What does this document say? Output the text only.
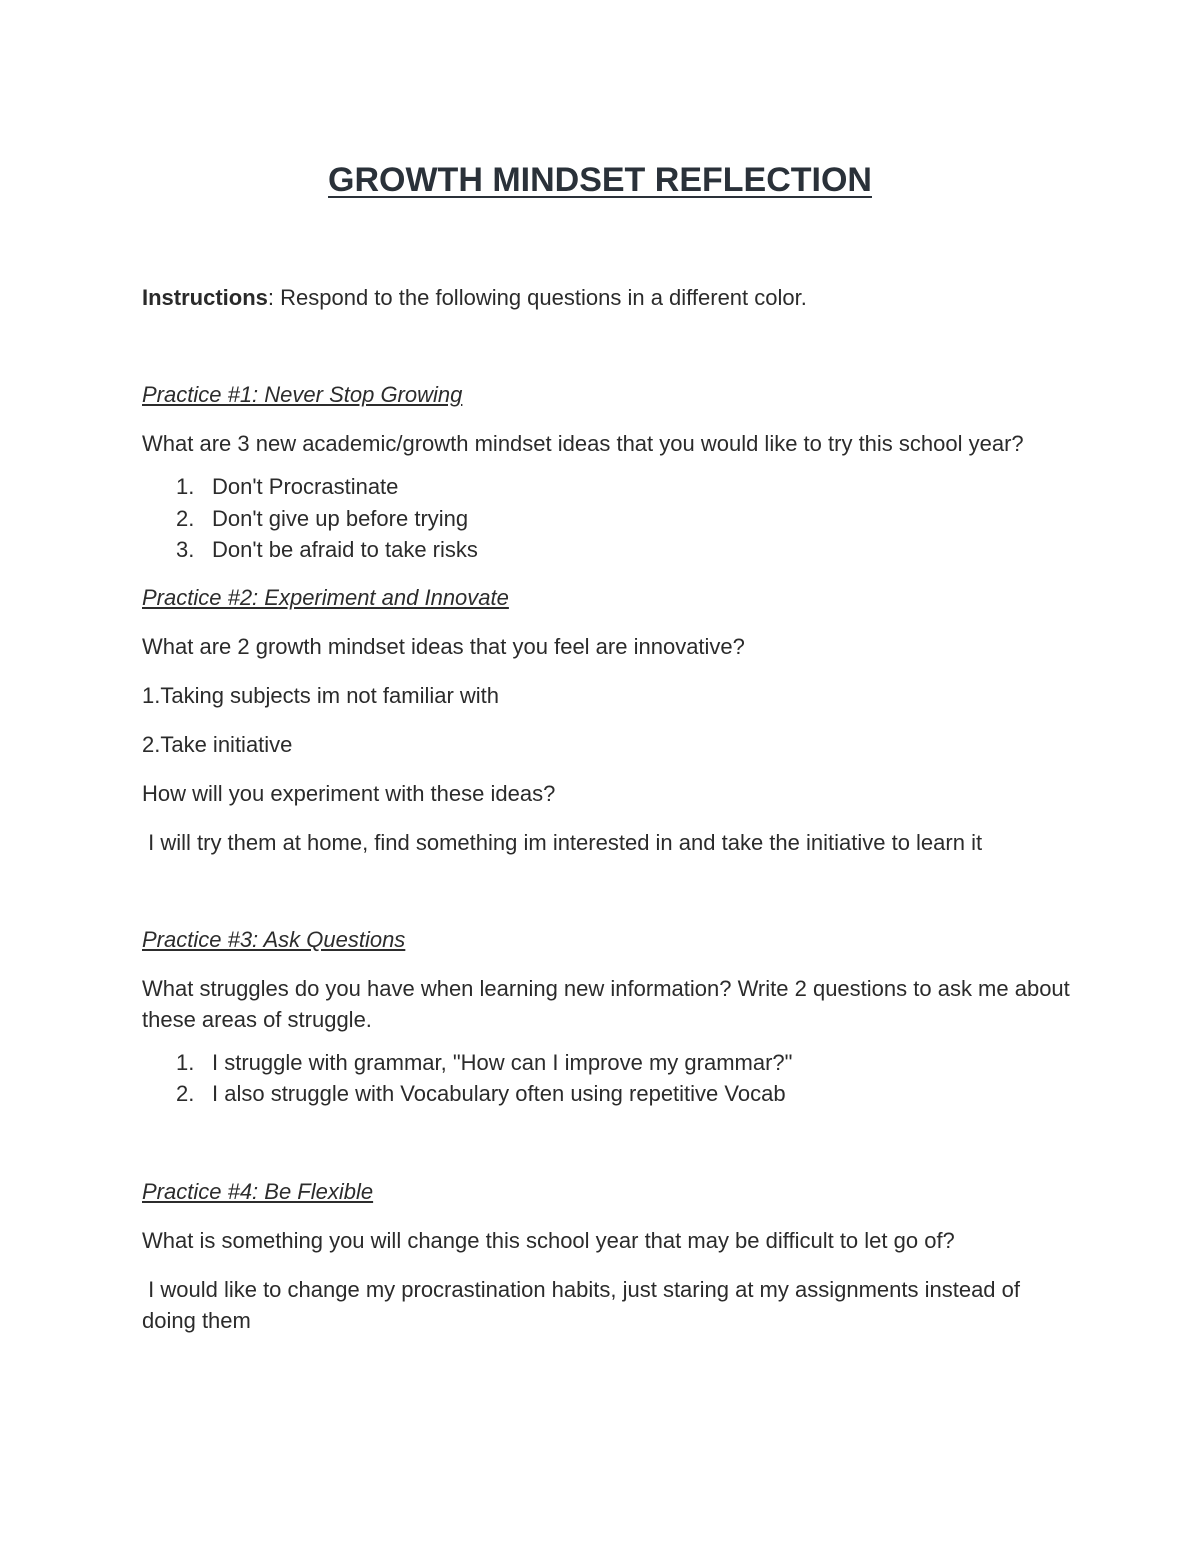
GROWTH MINDSET REFLECTION
Instructions: Respond to the following questions in a different color.
Practice #1: Never Stop Growing
What are 3 new academic/growth mindset ideas that you would like to try this school year?
1. Don't Procrastinate
2. Don't give up before trying
3. Don't be afraid to take risks
Practice #2: Experiment and Innovate
What are 2 growth mindset ideas that you feel are innovative?
1.Taking subjects im not familiar with
2.Take initiative
How will you experiment with these ideas?
I will try them at home, find something im interested in and take the initiative to learn it
Practice #3: Ask Questions
What struggles do you have when learning new information? Write 2 questions to ask me about these areas of struggle.
1. I struggle with grammar, "How can I improve my grammar?"
2. I also struggle with Vocabulary often using repetitive Vocab
Practice #4: Be Flexible
What is something you will change this school year that may be difficult to let go of?
I would like to change my procrastination habits, just staring at my assignments instead of doing them
